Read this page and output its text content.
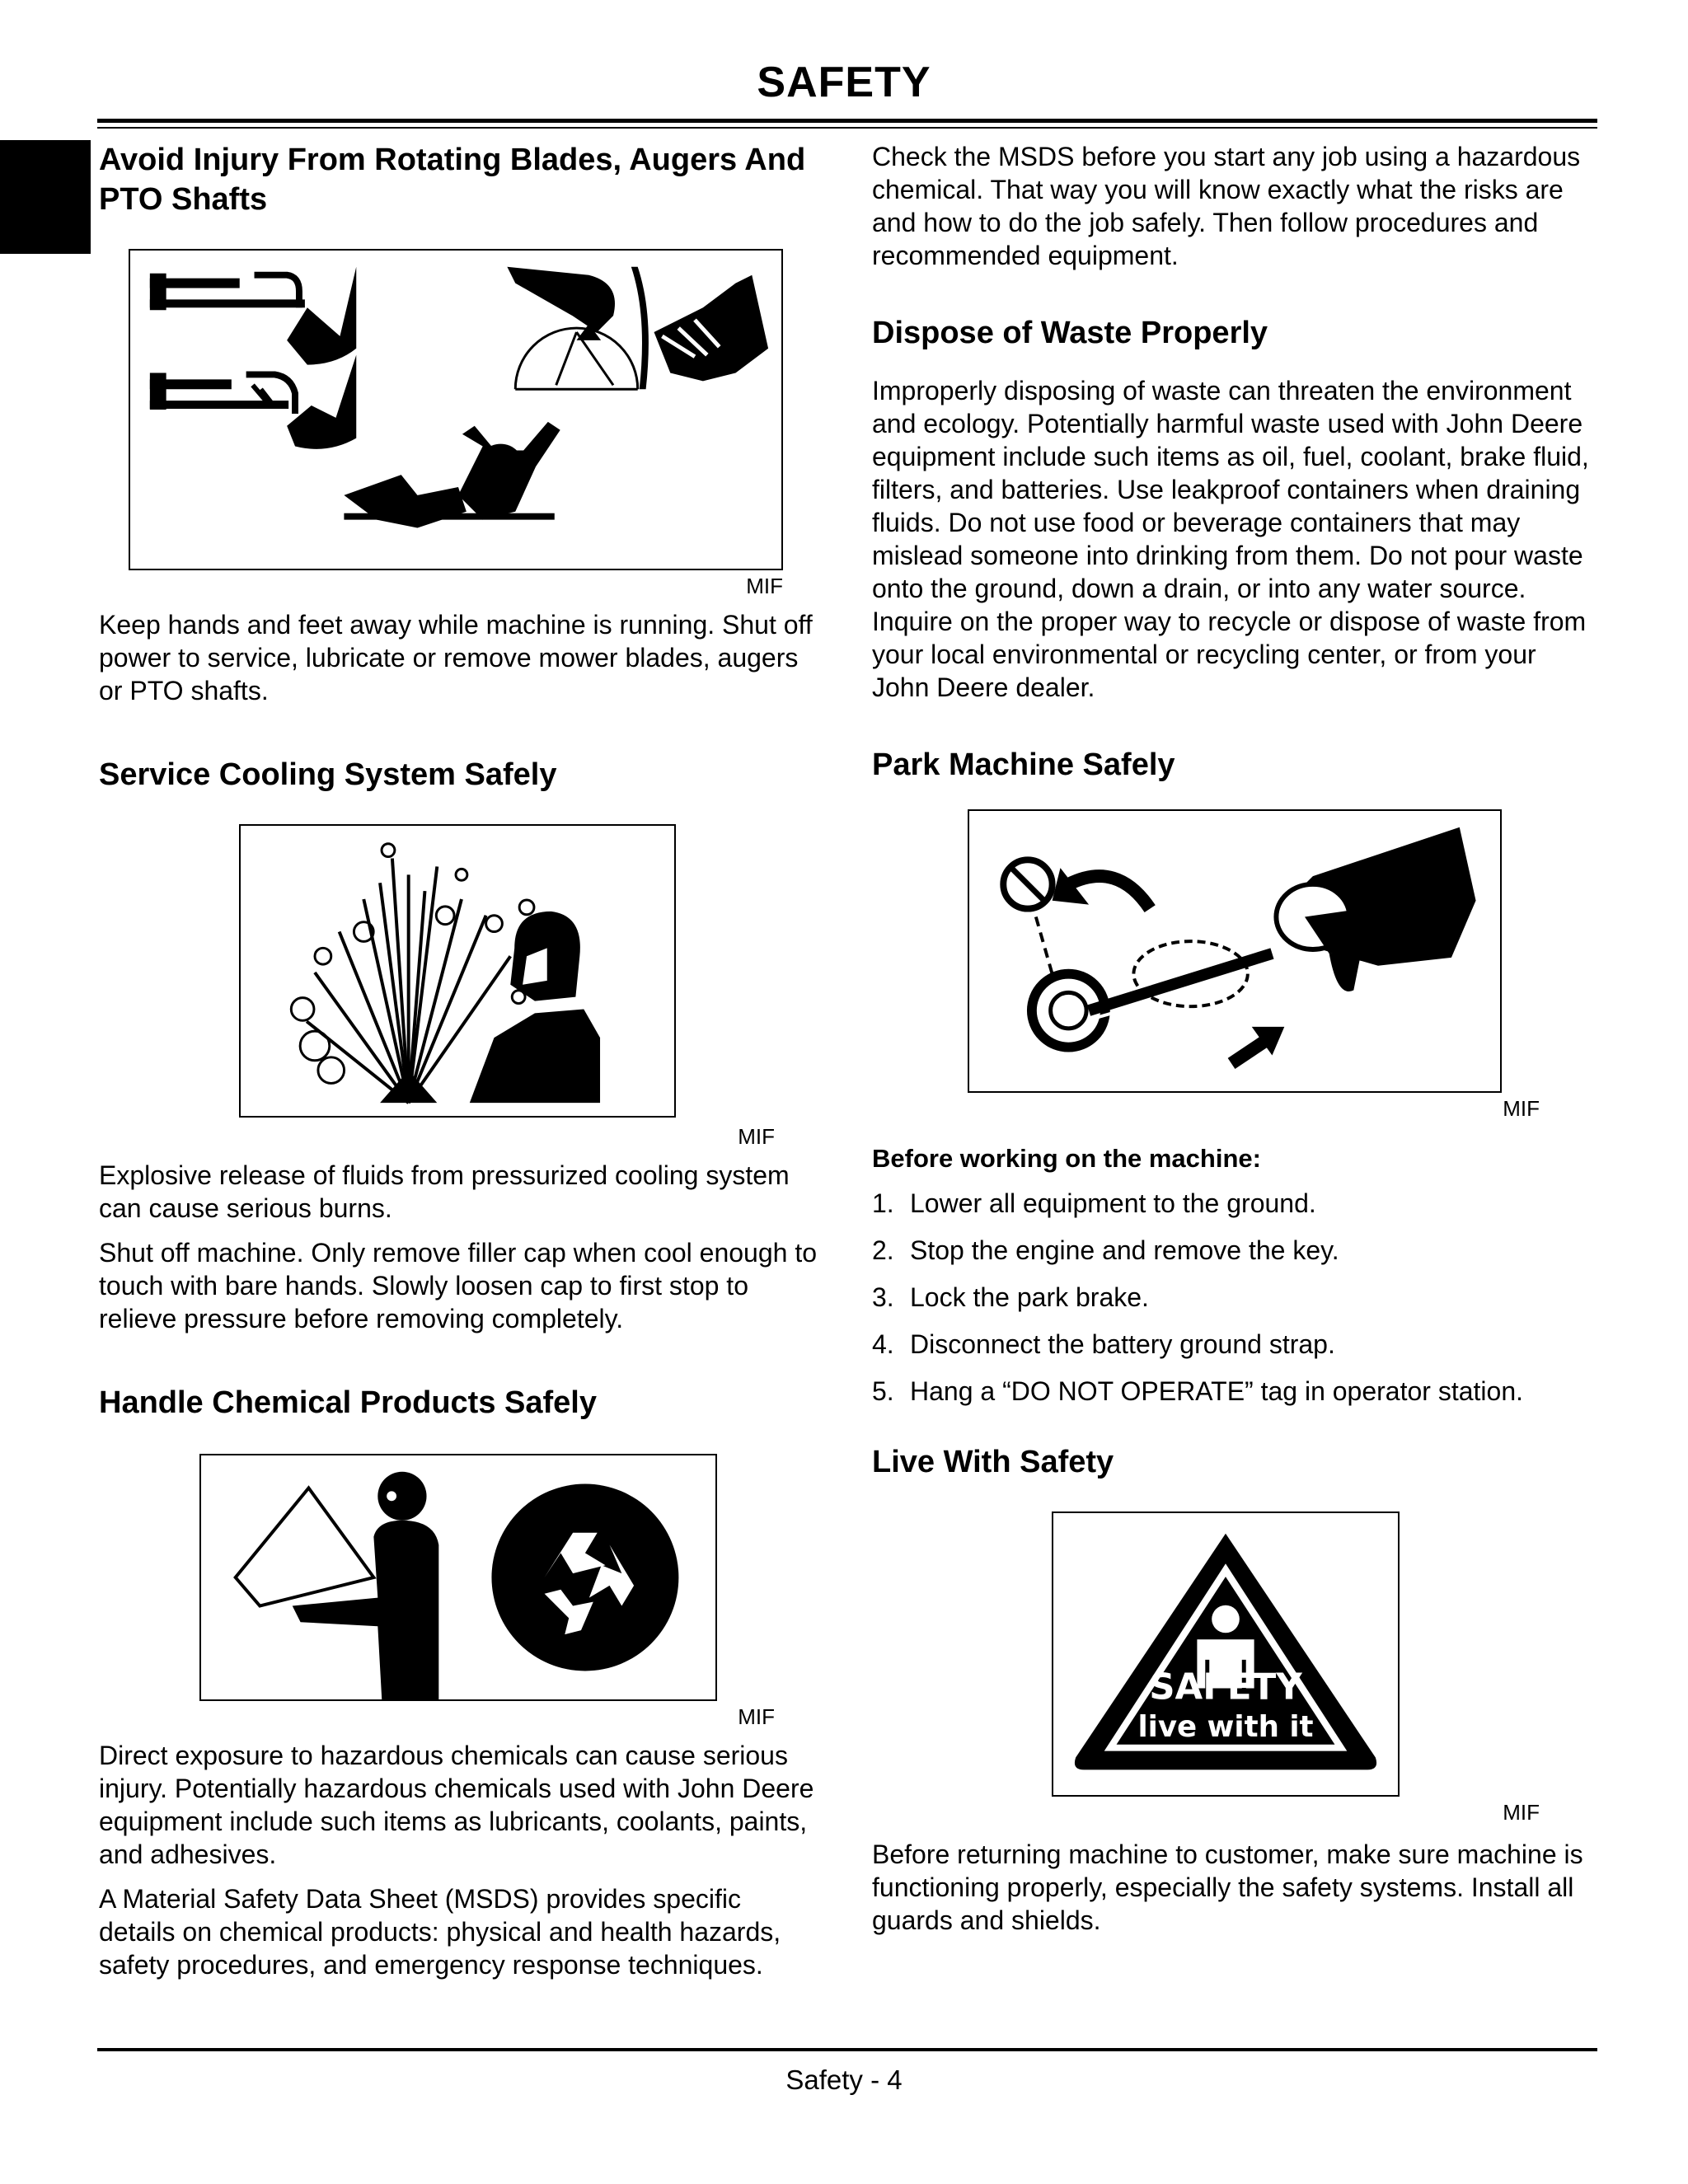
SAFETY
Avoid Injury From Rotating Blades, Augers And PTO Shafts
MIF

Keep hands and feet away while machine is running. Shut off power to service, lubricate or remove mower blades, augers or PTO shafts.

Service Cooling System Safely
MIF

Explosive release of fluids from pressurized cooling system can cause serious burns.

Shut off machine. Only remove filler cap when cool enough to touch with bare hands. Slowly loosen cap to first stop to relieve pressure before removing completely.

Handle Chemical Products Safely
MIF

Direct exposure to hazardous chemicals can cause serious injury. Potentially hazardous chemicals used with John Deere equipment include such items as lubricants, coolants, paints, and adhesives.

A Material Safety Data Sheet (MSDS) provides specific details on chemical products: physical and health hazards, safety procedures, and emergency response techniques.

Check the MSDS before you start any job using a hazardous chemical. That way you will know exactly what the risks are and how to do the job safely. Then follow procedures and recommended equipment.

Dispose of Waste Properly

Improperly disposing of waste can threaten the environment and ecology. Potentially harmful waste used with John Deere equipment include such items as oil, fuel, coolant, brake fluid, filters, and batteries. Use leakproof containers when draining fluids. Do not use food or beverage containers that may mislead someone into drinking from them. Do not pour waste onto the ground, down a drain, or into any water source. Inquire on the proper way to recycle or dispose of waste from your local environmental or recycling center, or from your John Deere dealer.

Park Machine Safely
MIF
Before working on the machine:
1. Lower all equipment to the ground.
2. Stop the engine and remove the key.
3. Lock the park brake.
4. Disconnect the battery ground strap.
5. Hang a “DO NOT OPERATE” tag in operator station.
Live With Safety
SAFETY
live with it
MIF

Before returning machine to customer, make sure machine is functioning properly, especially the safety systems. Install all guards and shields.

Safety - 4
